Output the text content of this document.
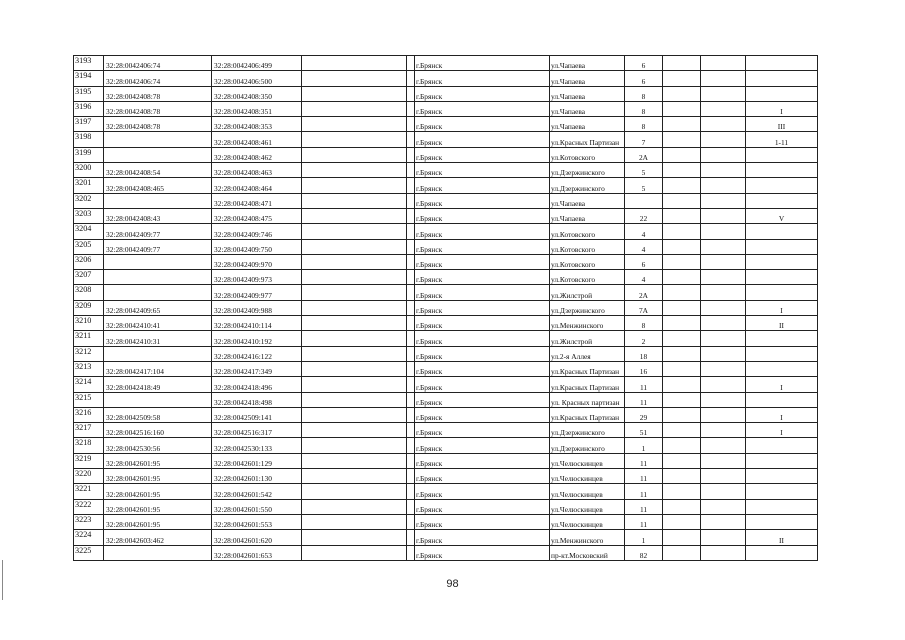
3193	32:28:0042406:74	32:28:0042406:499			г.Брянск	ул.Чапаева	6			
3194	32:28:0042406:74	32:28:0042406:500			г.Брянск	ул.Чапаева	6			
3195	32:28:0042408:78	32:28:0042408:350			г.Брянск	ул.Чапаева	8			
3196	32:28:0042408:78	32:28:0042408:351			г.Брянск	ул.Чапаева	8			I
3197	32:28:0042408:78	32:28:0042408:353			г.Брянск	ул.Чапаева	8			III
3198		32:28:0042408:461			г.Брянск	ул.Красных Партизан	7			1-11
3199		32:28:0042408:462			г.Брянск	ул.Котовского	2А			
3200	32:28:0042408:54	32:28:0042408:463			г.Брянск	ул.Дзержинского	5			
3201	32:28:0042408:465	32:28:0042408:464			г.Брянск	ул.Дзержинского	5			
3202		32:28:0042408:471			г.Брянск	ул.Чапаева				
3203	32:28:0042408:43	32:28:0042408:475			г.Брянск	ул.Чапаева	22			V
3204	32:28:0042409:77	32:28:0042409:746			г.Брянск	ул.Котовского	4			
3205	32:28:0042409:77	32:28:0042409:750			г.Брянск	ул.Котовского	4			
3206		32:28:0042409:970			г.Брянск	ул.Котовского	6			
3207		32:28:0042409:973			г.Брянск	ул.Котовского	4			
3208		32:28:0042409:977			г.Брянск	ул.Жилстрой	2А			
3209	32:28:0042409:65	32:28:0042409:988			г.Брянск	ул.Дзержинского	7А			I
3210	32:28:0042410:41	32:28:0042410:114			г.Брянск	ул.Менжинского	8			II
3211	32:28:0042410:31	32:28:0042410:192			г.Брянск	ул.Жилстрой	2			
3212		32:28:0042416:122			г.Брянск	ул.2-я Аллея	18			
3213	32:28:0042417:104	32:28:0042417:349			г.Брянск	ул.Красных Партизан	16			
3214	32:28:0042418:49	32:28:0042418:496			г.Брянск	ул.Красных Партизан	11			I
3215		32:28:0042418:498			г.Брянск	ул. Красных партизан	11			
3216	32:28:0042509:58	32:28:0042509:141			г.Брянск	ул.Красных Партизан	29			I
3217	32:28:0042516:160	32:28:0042516:317			г.Брянск	ул.Дзержинского	51			I
3218	32:28:0042530:56	32:28:0042530:133			г.Брянск	ул.Дзержинского	1			
3219	32:28:0042601:95	32:28:0042601:129			г.Брянск	ул.Челюскинцев	11			
3220	32:28:0042601:95	32:28:0042601:130			г.Брянск	ул.Челюскинцев	11			
3221	32:28:0042601:95	32:28:0042601:542			г.Брянск	ул.Челюскинцев	11			
3222	32:28:0042601:95	32:28:0042601:550			г.Брянск	ул.Челюскинцев	11			
3223	32:28:0042601:95	32:28:0042601:553			г.Брянск	ул.Челюскинцев	11			
3224	32:28:0042603:462	32:28:0042601:620			г.Брянск	ул.Менжинского	1			II
3225		32:28:0042601:653			г.Брянск	пр-кт.Московский	82			
98
